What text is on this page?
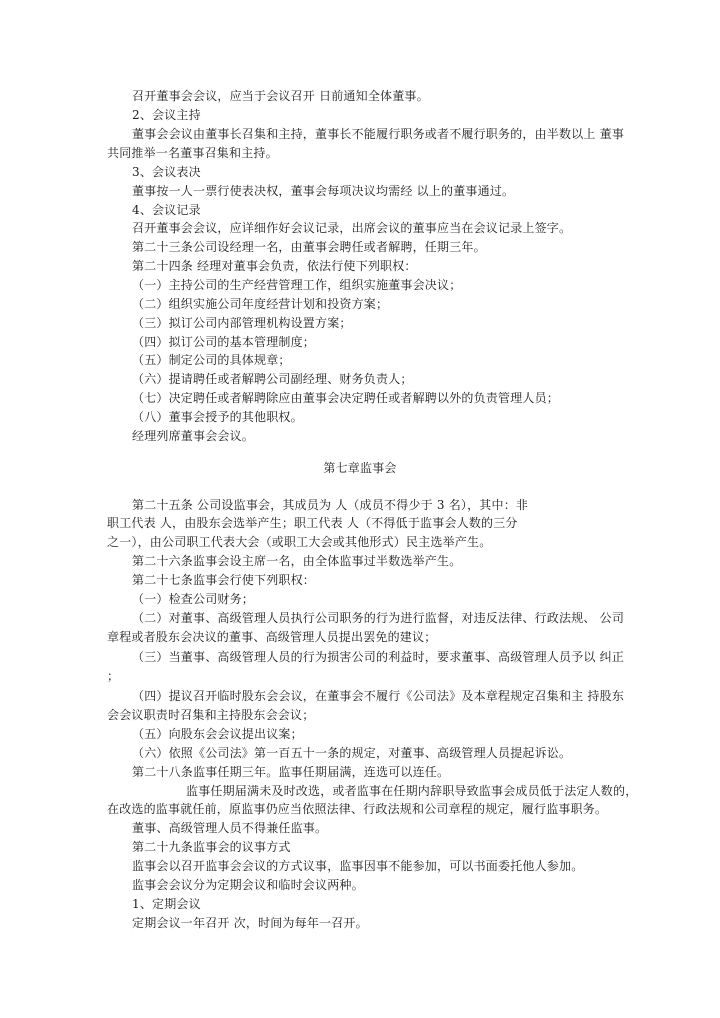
召开董事会会议，应当于会议召开 日前通知全体董事。
2、会议主持
董事会会议由董事长召集和主持，董事长不能履行职务或者不履行职务的，由半数以上 董事
共同推举一名董事召集和主持。
3、会议表决
董事按一人一票行使表决权，董事会每项决议均需经 以上的董事通过。
4、会议记录
召开董事会会议，应详细作好会议记录，出席会议的董事应当在会议记录上签字。
第二十三条公司设经理一名，由董事会聘任或者解聘，任期三年。
第二十四条 经理对董事会负责，依法行使下列职权：
（一）主持公司的生产经营管理工作，组织实施董事会决议；
（二）组织实施公司年度经营计划和投资方案；
（三）拟订公司内部管理机构设置方案；
（四）拟订公司的基本管理制度；
（五）制定公司的具体规章；
（六）提请聘任或者解聘公司副经理、财务负责人；
（七）决定聘任或者解聘除应由董事会决定聘任或者解聘以外的负责管理人员；
（八）董事会授予的其他职权。
经理列席董事会会议。
第七章监事会
第二十五条 公司设监事会，其成员为 人（成员不得少于 3 名），其中：非
职工代表 人，由股东会选举产生；职工代表 人（不得低于监事会人数的三分
之一），由公司职工代表大会（或职工大会或其他形式）民主选举产生。
第二十六条监事会设主席一名，由全体监事过半数选举产生。
第二十七条监事会行使下列职权：
（一）检查公司财务；
（二）对董事、高级管理人员执行公司职务的行为进行监督，对违反法律、行政法规、 公司
章程或者股东会决议的董事、高级管理人员提出罢免的建议；
（三）当董事、高级管理人员的行为损害公司的利益时，要求董事、高级管理人员予以 纠正
；
（四）提议召开临时股东会会议，在董事会不履行《公司法》及本章程规定召集和主 持股东
会会议职责时召集和主持股东会会议；
（五）向股东会会议提出议案；
（六）依照《公司法》第一百五十一条的规定，对董事、高级管理人员提起诉讼。
第二十八条监事任期三年。监事任期届满，连选可以连任。
监事任期届满未及时改选，或者监事在任期内辞职导致监事会成员低于法定人数的，
在改选的监事就任前，原监事仍应当依照法律、行政法规和公司章程的规定，履行监事职务。
董事、高级管理人员不得兼任监事。
第二十九条监事会的议事方式
监事会以召开监事会会议的方式议事，监事因事不能参加，可以书面委托他人参加。
监事会会议分为定期会议和临时会议两种。
1、定期会议
定期会议一年召开 次，时间为每年一召开。
